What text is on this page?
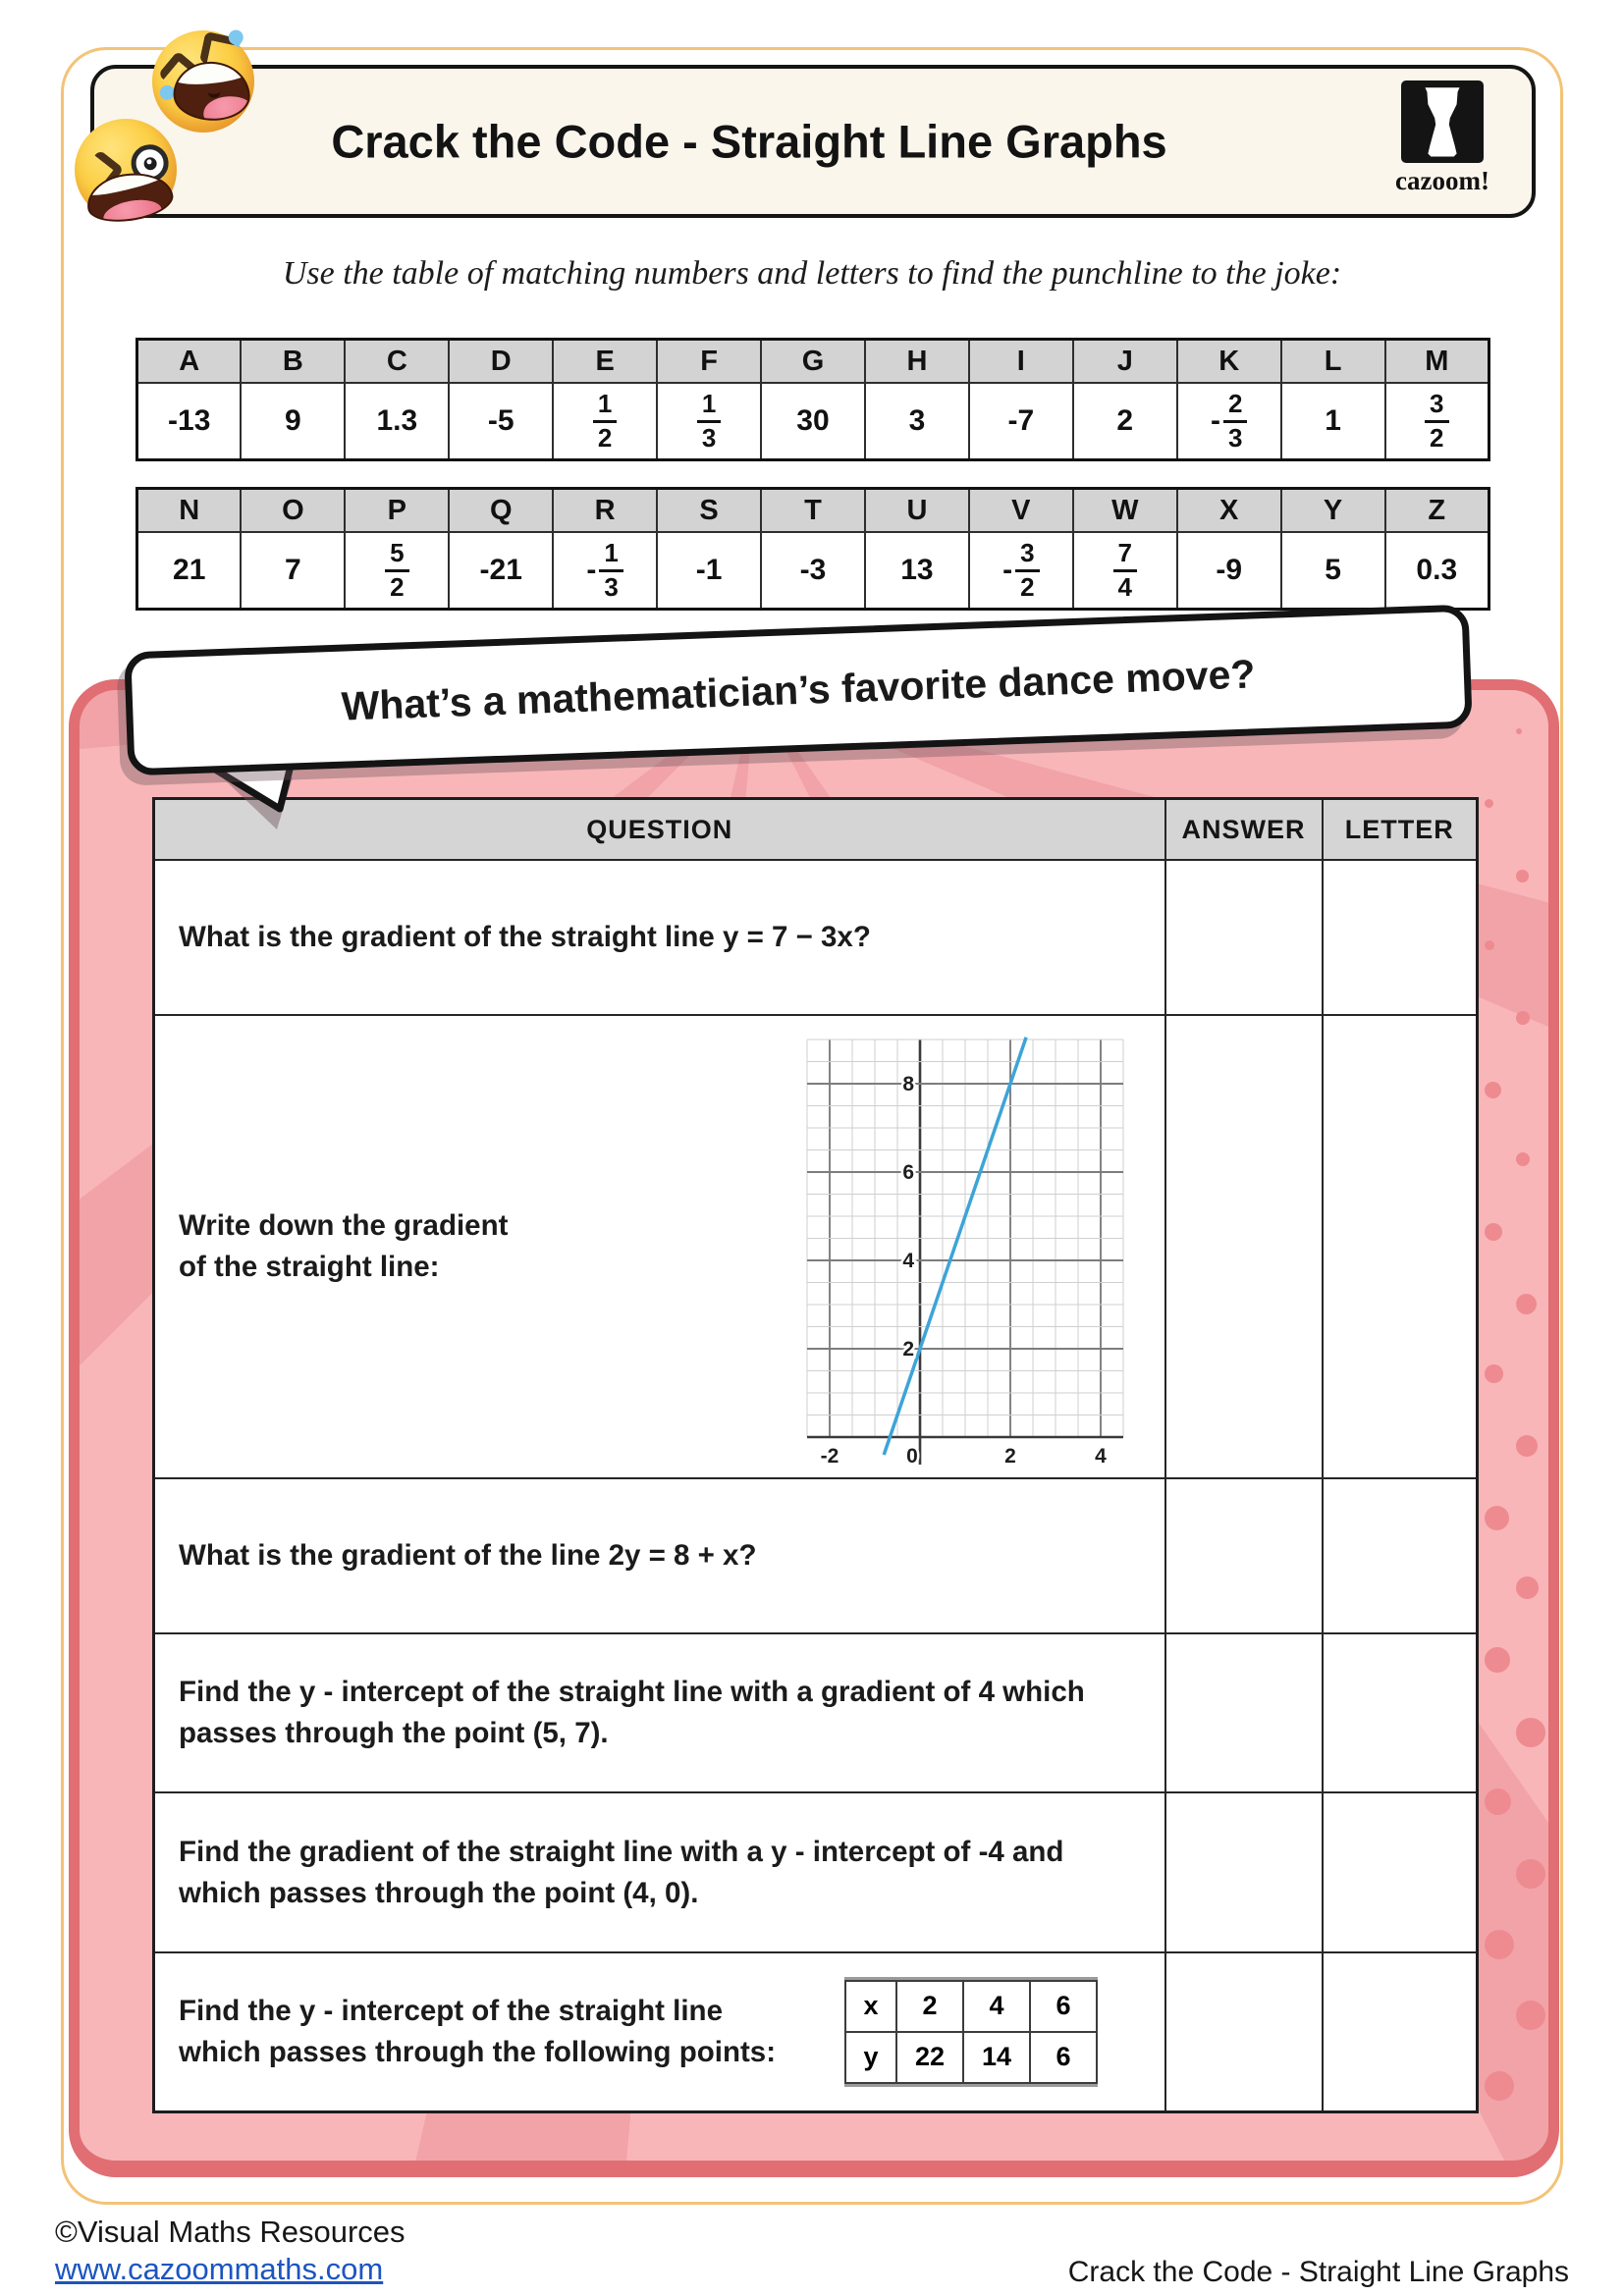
Crack the Code - Straight Line Graphs
cazoom!
Use the table of matching numbers and letters to find the punchline to the joke:
A	B	C	D	E	F	G	H	I	J	K	L	M
-13	9	1.3	-5	$\frac{1}{2}$	$\frac{1}{3}$	30	3	-7	2	- $\frac{2}{3}$	1	$\frac{3}{2}$
N	O	P	Q	R	S	T	U	V	W	X	Y	Z
21	7	$\frac{5}{2}$	-21	- $\frac{1}{3}$	-1	-3	13	- $\frac{3}{2}$	$\frac{7}{4}$	-9	5	0.3
What’s a mathematician’s favorite dance move?
QUESTION	ANSWER	LETTER

What is the gradient of the straight line y = 7 − 3x?

Write down the gradient
of the straight line:
-2	0	2	4
2
4
6
8

What is the gradient of the line 2y = 8 + x?

Find the y - intercept of the straight line with a gradient of 4 which
passes through the point (5, 7).

Find the gradient of the straight line with a y - intercept of -4 and
which passes through the point (4, 0).

Find the y - intercept of the straight line
which passes through the following points:
x	2	4	6
y	22	14	6

©Visual Maths Resources
www.cazoommaths.com	Crack the Code - Straight Line Graphs
